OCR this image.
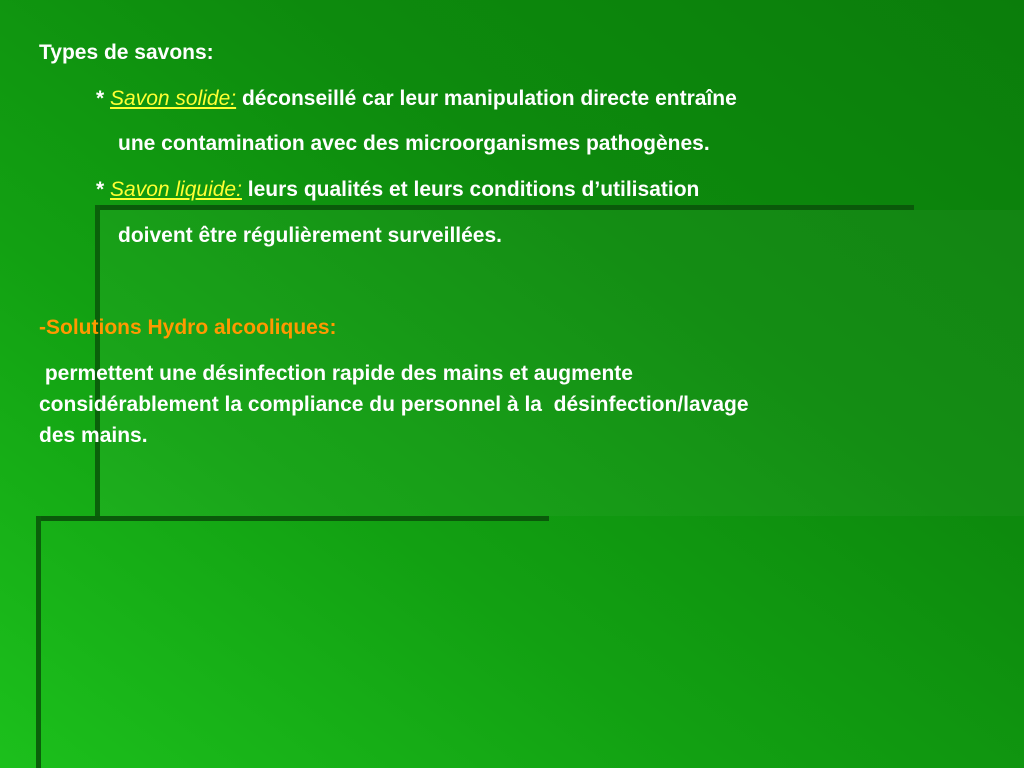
Types de savons:
* Savon solide: déconseillé car leur manipulation directe entraîne
une contamination avec des microorganismes pathogènes.
* Savon liquide: leurs qualités et leurs conditions d’utilisation
doivent être régulièrement surveillées.
-Solutions Hydro alcooliques:
permettent une désinfection rapide des mains et augmente
considérablement la compliance du personnel à la  désinfection/lavage
des mains.
